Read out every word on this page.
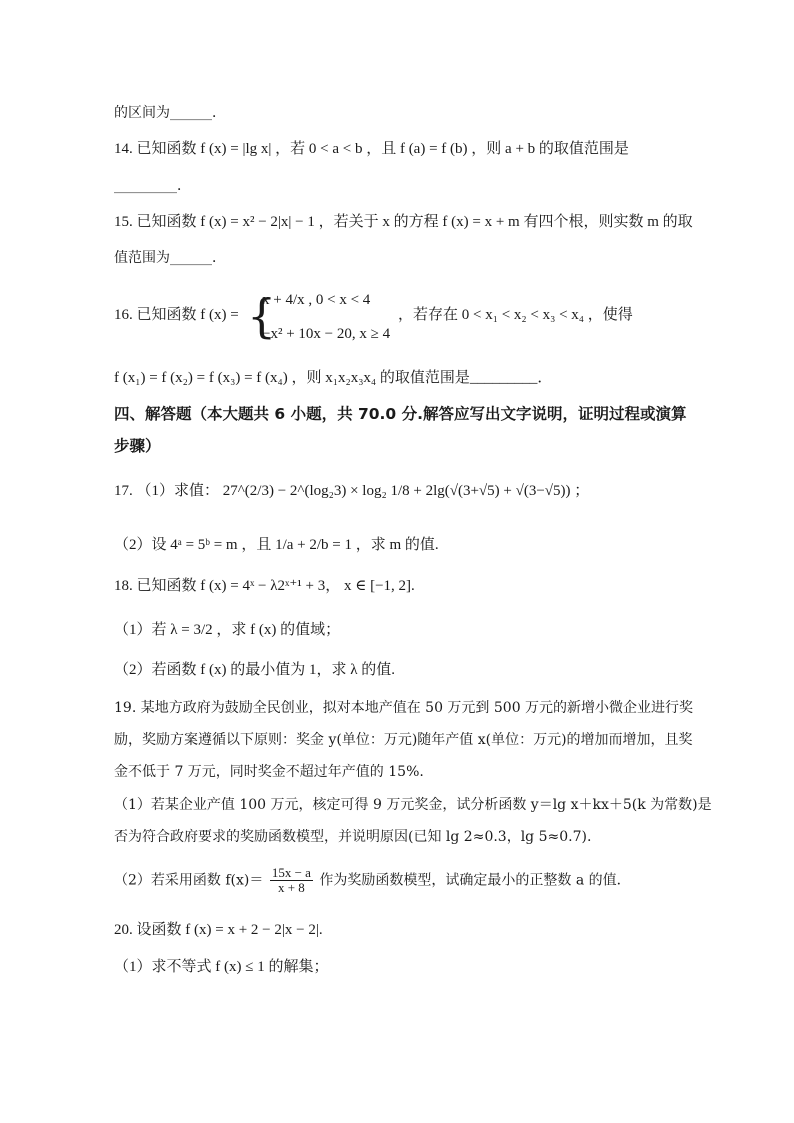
的区间为______．
14. 已知函数 f (x) = |lg x| ，若 0 < a < b ，且 f (a) = f (b) ，则 a + b 的取值范围是
_________．
15. 已知函数 f (x) = x² − 2|x| − 1 ，若关于 x 的方程 f (x) = x + m 有四个根，则实数 m 的取
值范围为______．
16. 已知函数 f (x) = {
x + 4/x , 0 < x < 4
−x² + 10x − 20, x ≥ 4
，若存在 0 < x₁ < x₂ < x₃ < x₄ ，使得
f (x₁) = f (x₂) = f (x₃) = f (x₄) ，则 x₁x₂x₃x₄ 的取值范围是_________．
四、解答题（本大题共 6 小题，共 70.0 分.解答应写出文字说明，证明过程或演算
步骤）
17. （1）求值： 27^(2/3) − 2^(log₂3) × log₂ 1/8 + 2lg(√(3+√5) + √(3−√5)) ；
（2）设 4ᵃ = 5ᵇ = m ，且 1/a + 2/b = 1 ，求 m 的值.
18. 已知函数 f (x) = 4ˣ − λ2ˣ⁺¹ + 3， x ∈ [−1, 2].
（1）若 λ = 3/2 ，求 f (x) 的值域；
（2）若函数 f (x) 的最小值为 1，求 λ 的值.
19. 某地方政府为鼓励全民创业，拟对本地产值在 50 万元到 500 万元的新增小微企业进行奖
励，奖励方案遵循以下原则：奖金 y(单位：万元)随年产值 x(单位：万元)的增加而增加，且奖
金不低于 7 万元，同时奖金不超过年产值的 15%.
（1）若某企业产值 100 万元，核定可得 9 万元奖金，试分析函数 y＝lg x＋kx＋5(k 为常数)是
否为符合政府要求的奖励函数模型，并说明原因(已知 lg 2≈0.3，lg 5≈0.7).
（2）若采用函数 $f(x)= \frac{15x - a}{x + 8}$ 作为奖励函数模型，试确定最小的正整数 a 的值．
20. 设函数 f (x) = x + 2 − 2|x − 2|.
（1）求不等式 f (x) ≤ 1 的解集；
